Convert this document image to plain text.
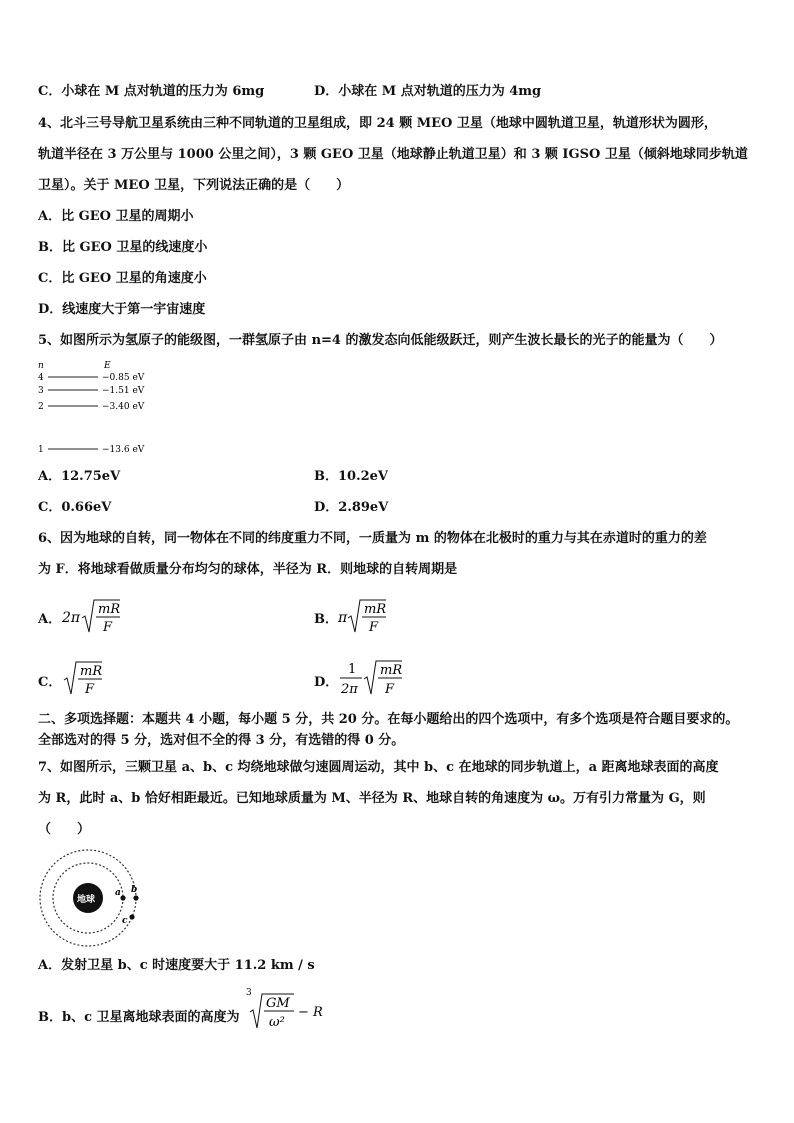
C．小球在 M 点对轨道的压力为 6mg	D．小球在 M 点对轨道的压力为 4mg
4、北斗三号导航卫星系统由三种不同轨道的卫星组成，即 24 颗 MEO 卫星（地球中圆轨道卫星，轨道形状为圆形，
轨道半径在 3 万公里与 1000 公里之间），3 颗 GEO 卫星（地球静止轨道卫星）和 3 颗 IGSO 卫星（倾斜地球同步轨道
卫星）。关于 MEO 卫星，下列说法正确的是（　　）
A．比 GEO 卫星的周期小
B．比 GEO 卫星的线速度小
C．比 GEO 卫星的角速度小
D．线速度大于第一宇宙速度
5、如图所示为氢原子的能级图，一群氢原子由 n=4 的激发态向低能级跃迁，则产生波长最长的光子的能量为（　　）
n	E
4	−0.85 eV
3	−1.51 eV
2	−3.40 eV
1	−13.6 eV
A．12.75eV	B．10.2eV
C．0.66eV	D．2.89eV
6、因为地球的自转，同一物体在不同的纬度重力不同，一质量为 m 的物体在北极时的重力与其在赤道时的重力的差
为 F．将地球看做质量分布均匀的球体，半径为 R．则地球的自转周期是
A． 2π
mR
F
B． π
mR
F
C．
mR
F	D．
1
2π
mR
F
二、多项选择题：本题共 4 小题，每小题 5 分，共 20 分。在每小题给出的四个选项中，有多个选项是符合题目要求的。
全部选对的得 5 分，选对但不全的得 3 分，有选错的得 0 分。
7、如图所示，三颗卫星 a、b、c 均绕地球做匀速圆周运动，其中 b、c 在地球的同步轨道上，a 距离地球表面的高度
为 R，此时 a、b 恰好相距最近。已知地球质量为 M、半径为 R、地球自转的角速度为 ω。万有引力常量为 G，则
（　　）
地球
a b
c
A．发射卫星 b、c 时速度要大于 11.2 km / s
B．b、c 卫星离地球表面的高度为
3
GM
ω²
− R
